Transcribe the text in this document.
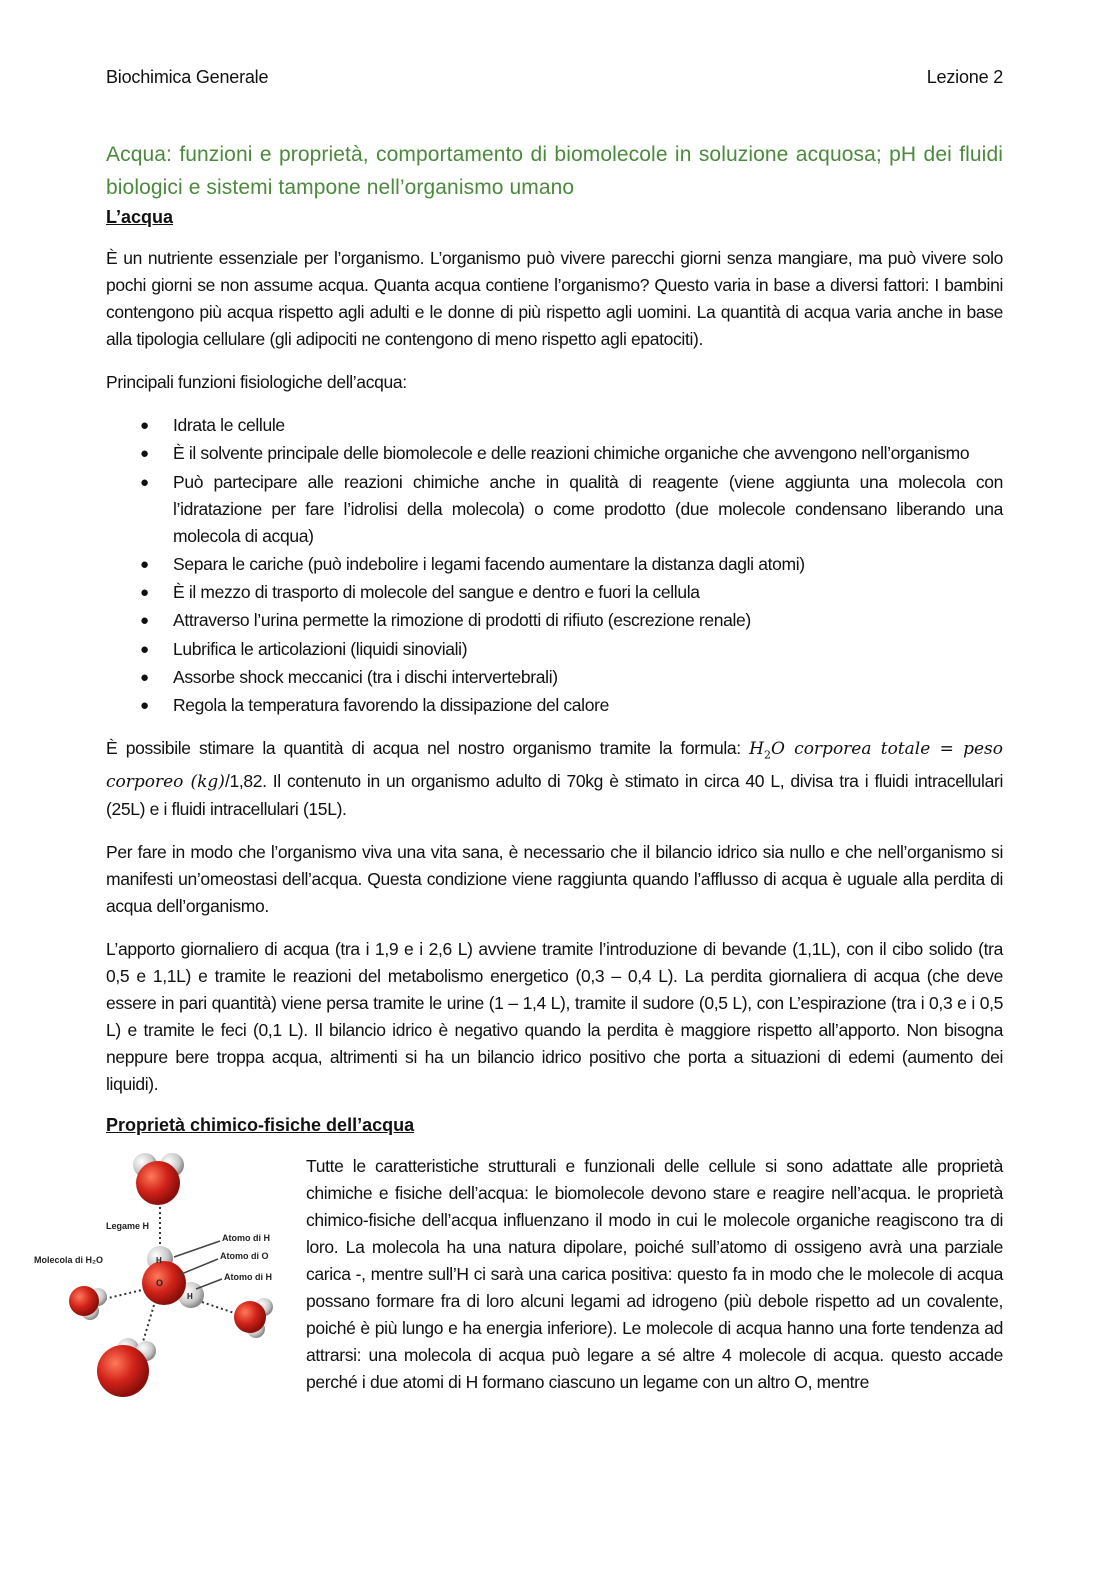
Biochimica Generale	Lezione 2
Acqua: funzioni e proprietà, comportamento di biomolecole in soluzione acquosa; pH dei fluidi biologici e sistemi tampone nell’organismo umano
L’acqua

È un nutriente essenziale per l’organismo. L’organismo può vivere parecchi giorni senza mangiare, ma può vivere solo pochi giorni se non assume acqua. Quanta acqua contiene l’organismo? Questo varia in base a diversi fattori: I bambini contengono più acqua rispetto agli adulti e le donne di più rispetto agli uomini. La quantità di acqua varia anche in base alla tipologia cellulare (gli adipociti ne contengono di meno rispetto agli epatociti).

Principali funzioni fisiologiche dell’acqua:

● Idrata le cellule
● È il solvente principale delle biomolecole e delle reazioni chimiche organiche che avvengono nell’organismo
● Può partecipare alle reazioni chimiche anche in qualità di reagente (viene aggiunta una molecola con l’idratazione per fare l’idrolisi della molecola) o come prodotto (due molecole condensano liberando una molecola di acqua)
● Separa le cariche (può indebolire i legami facendo aumentare la distanza dagli atomi)
● È il mezzo di trasporto di molecole del sangue e dentro e fuori la cellula
● Attraverso l’urina permette la rimozione di prodotti di rifiuto (escrezione renale)
● Lubrifica le articolazioni (liquidi sinoviali)
● Assorbe shock meccanici (tra i dischi intervertebrali)
● Regola la temperatura favorendo la dissipazione del calore

È possibile stimare la quantità di acqua nel nostro organismo tramite la formula: $H_2O$ corporea totale = peso corporeo (kg)/1,82. Il contenuto in un organismo adulto di 70kg è stimato in circa 40 L, divisa tra i fluidi intracellulari (25L) e i fluidi intracellulari (15L).

Per fare in modo che l’organismo viva una vita sana, è necessario che il bilancio idrico sia nullo e che nell’organismo si manifesti un’omeostasi dell’acqua. Questa condizione viene raggiunta quando l’afflusso di acqua è uguale alla perdita di acqua dell’organismo.

L’apporto giornaliero di acqua (tra i 1,9 e i 2,6 L) avviene tramite l’introduzione di bevande (1,1L), con il cibo solido (tra 0,5 e 1,1L) e tramite le reazioni del metabolismo energetico (0,3 – 0,4 L). La perdita giornaliera di acqua (che deve essere in pari quantità) viene persa tramite le urine (1 – 1,4 L), tramite il sudore (0,5 L), con L’espirazione (tra i 0,3 e i 0,5 L) e tramite le feci (0,1 L). Il bilancio idrico è negativo quando la perdita è maggiore rispetto all’apporto. Non bisogna neppure bere troppa acqua, altrimenti si ha un bilancio idrico positivo che porta a situazioni di edemi (aumento dei liquidi).

Proprietà chimico-fisiche dell’acqua
Legame H
O
H
H
Molecola di H₂O
Atomo di H
Atomo di O
Atomo di H

Tutte le caratteristiche strutturali e funzionali delle cellule si sono adattate alle proprietà chimiche e fisiche dell’acqua: le biomolecole devono stare e reagire nell’acqua. le proprietà chimico-fisiche dell’acqua influenzano il modo in cui le molecole organiche reagiscono tra di loro. La molecola ha una natura dipolare, poiché sull’atomo di ossigeno avrà una parziale carica -, mentre sull’H ci sarà una carica positiva: questo fa in modo che le molecole di acqua possano formare fra di loro alcuni legami ad idrogeno (più debole rispetto ad un covalente, poiché è più lungo e ha energia inferiore). Le molecole di acqua hanno una forte tendenza ad attrarsi: una molecola di acqua può legare a sé altre 4 molecole di acqua. questo accade perché i due atomi di H formano ciascuno un legame con un altro O, mentre
